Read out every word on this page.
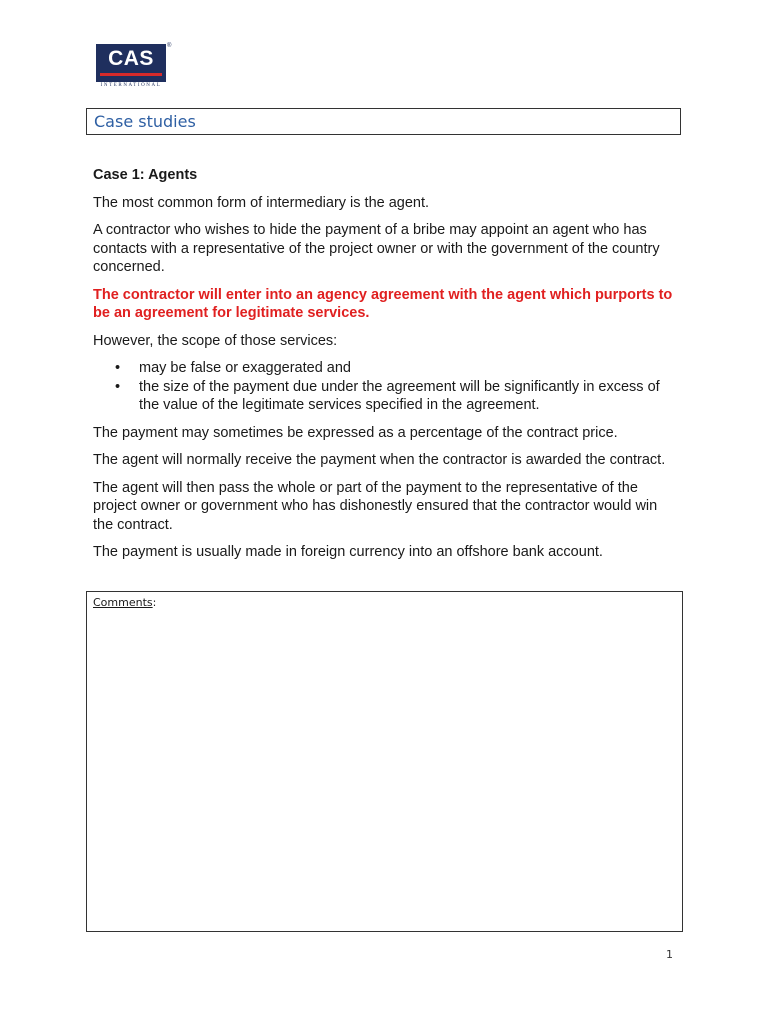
CAS
®
INTERNATIONAL
Case studies
Case 1: Agents

The most common form of intermediary is the agent.

A contractor who wishes to hide the payment of a bribe may appoint an agent who has contacts with a representative of the project owner or with the government of the country concerned.

The contractor will enter into an agency agreement with the agent which purports to be an agreement for legitimate services.

However, the scope of those services:

• may be false or exaggerated and
• the size of the payment due under the agreement will be significantly in excess of the value of the legitimate services specified in the agreement.

The payment may sometimes be expressed as a percentage of the contract price.

The agent will normally receive the payment when the contractor is awarded the contract.

The agent will then pass the whole or part of the payment to the representative of the project owner or government who has dishonestly ensured that the contractor would win the contract.

The payment is usually made in foreign currency into an offshore bank account.

Comments:
1
